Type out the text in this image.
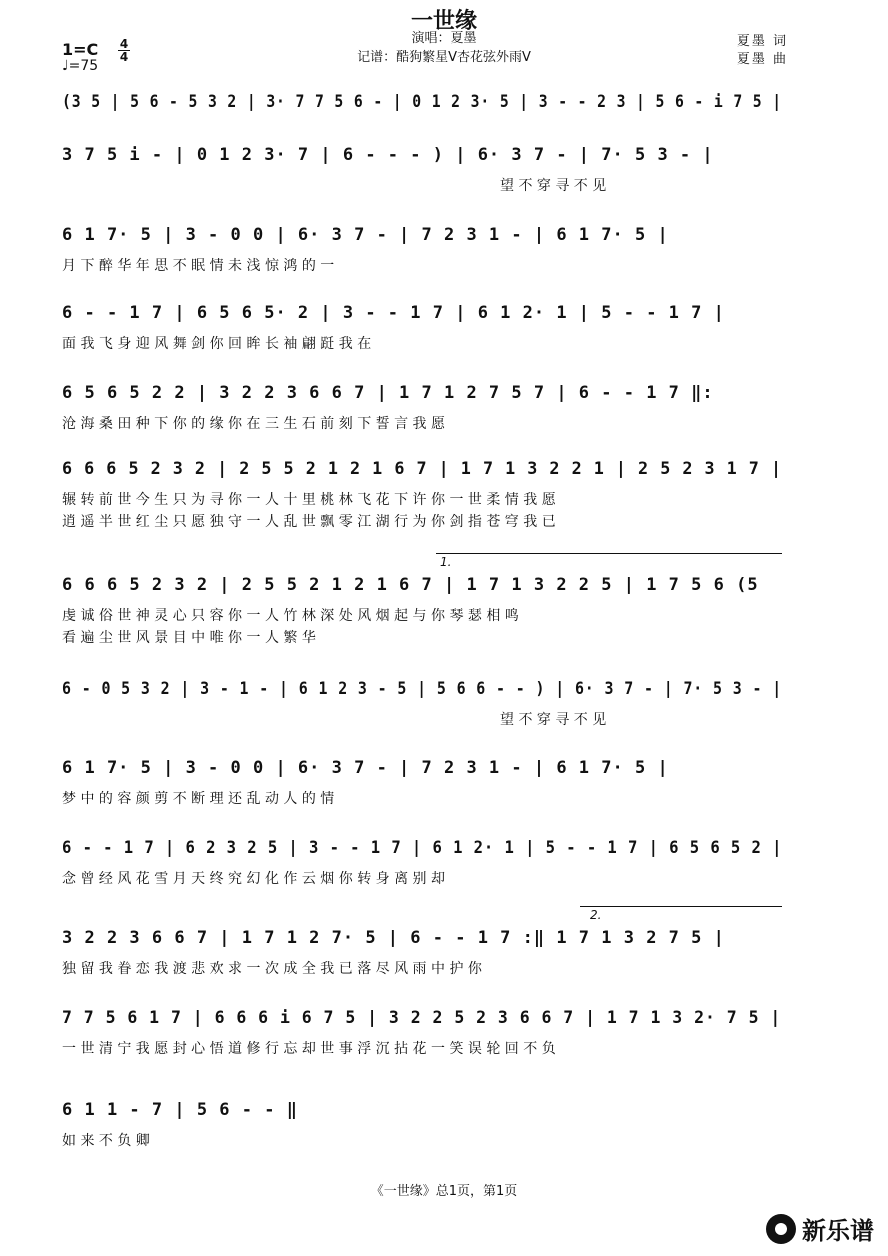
一世缘
演唱：夏墨
记谱：酷狗繁星V杏花弦外雨V
夏墨 词
夏墨 曲
1=C
♩=75
4
4
(3 5 | 5 6 - 5 3 2 | 3· 7 7 5 6 - | 0 1 2 3· 5 | 3 - - 2 3 | 5 6 - i 7 5 |
3 7 5 i - | 0 1 2 3· 7 | 6 - - - ) | 6· 3 7 - | 7· 5 3 - |
望 不 穿 寻 不 见
6 1 7· 5 | 3 - 0 0 | 6· 3 7 - | 7 2 3 1 - | 6 1 7· 5 |
月 下 醉 华 年 思 不 眠 情 未 浅 惊 鸿 的 一
6 - - 1 7 | 6 5 6 5· 2 | 3 - - 1 7 | 6 1 2· 1 | 5 - - 1 7 |
面 我 飞 身 迎 风 舞 剑 你 回 眸 长 袖 翩 跹 我 在
6 5 6 5 2 2 | 3 2 2 3 6 6 7 | 1 7 1 2 7 5 7 | 6 - - 1 7 ‖:
沧 海 桑 田 种 下 你 的 缘 你 在 三 生 石 前 刻 下 誓 言 我 愿
6 6 6 5 2 3 2 | 2 5 5 2 1 2 1 6 7 | 1 7 1 3 2 2 1 | 2 5 2 3 1 7 |
辗 转 前 世 今 生 只 为 寻 你 一 人 十 里 桃 林 飞 花 下 许 你 一 世 柔 情 我 愿
逍 遥 半 世 红 尘 只 愿 独 守 一 人 乱 世 飘 零 江 湖 行 为 你 剑 指 苍 穹 我 已
6 6 6 5 2 3 2 | 2 5 5 2 1 2 1 6 7 | 1 7 1 3 2 2 5 | 1 7 5 6 (5
虔 诚 俗 世 神 灵 心 只 容 你 一 人 竹 林 深 处 风 烟 起 与 你 琴 瑟 相 鸣
看 遍 尘 世 风 景 目 中 唯 你 一 人 繁 华
1.
6 - 0 5 3 2 | 3 - 1 - | 6 1 2 3 - 5 | 5 6 6 - - ) | 6· 3 7 - | 7· 5 3 - |
望 不 穿 寻 不 见
6 1 7· 5 | 3 - 0 0 | 6· 3 7 - | 7 2 3 1 - | 6 1 7· 5 |
梦 中 的 容 颜 剪 不 断 理 还 乱 动 人 的 情
6 - - 1 7 | 6 2 3 2 5 | 3 - - 1 7 | 6 1 2· 1 | 5 - - 1 7 | 6 5 6 5 2 |
念 曾 经 风 花 雪 月 天 终 究 幻 化 作 云 烟 你 转 身 离 别 却
3 2 2 3 6 6 7 | 1 7 1 2 7· 5 | 6 - - 1 7 :‖ 1 7 1 3 2 7 5 |
独 留 我 眷 恋 我 渡 悲 欢 求 一 次 成 全 我 已 落 尽 风 雨 中 护 你
2.
7 7 5 6 1 7 | 6 6 6 i 6 7 5 | 3 2 2 5 2 3 6 6 7 | 1 7 1 3 2· 7 5 |
一 世 清 宁 我 愿 封 心 悟 道 修 行 忘 却 世 事 浮 沉 拈 花 一 笑 误 轮 回 不 负
6 1 1 - 7 | 5 6 - - ‖
如 来 不 负 卿
《一世缘》总1页，第1页
新乐谱
